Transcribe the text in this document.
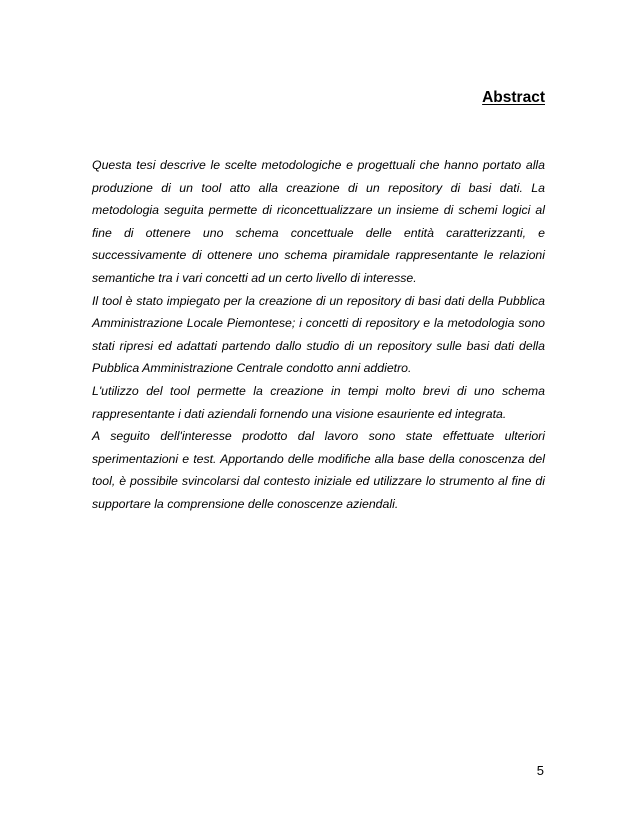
Abstract

Questa tesi descrive le scelte metodologiche e progettuali che hanno portato alla produzione di un tool atto alla creazione di un repository di basi dati. La metodologia seguita permette di riconcettualizzare un insieme di schemi logici al fine di ottenere uno schema concettuale delle entità caratterizzanti, e successivamente di ottenere uno schema piramidale rappresentante le relazioni semantiche tra i vari concetti ad un certo livello di interesse.

Il tool è stato impiegato per la creazione di un repository di basi dati della Pubblica Amministrazione Locale Piemontese; i concetti di repository e la metodologia sono stati ripresi ed adattati partendo dallo studio di un repository sulle basi dati della Pubblica Amministrazione Centrale condotto anni addietro.

L'utilizzo del tool permette la creazione in tempi molto brevi di uno schema rappresentante i dati aziendali fornendo una visione esauriente ed integrata.

A seguito dell'interesse prodotto dal lavoro sono state effettuate ulteriori sperimentazioni e test. Apportando delle modifiche alla base della conoscenza del tool, è possibile svincolarsi dal contesto iniziale ed utilizzare lo strumento al fine di supportare la comprensione delle conoscenze aziendali.

5
